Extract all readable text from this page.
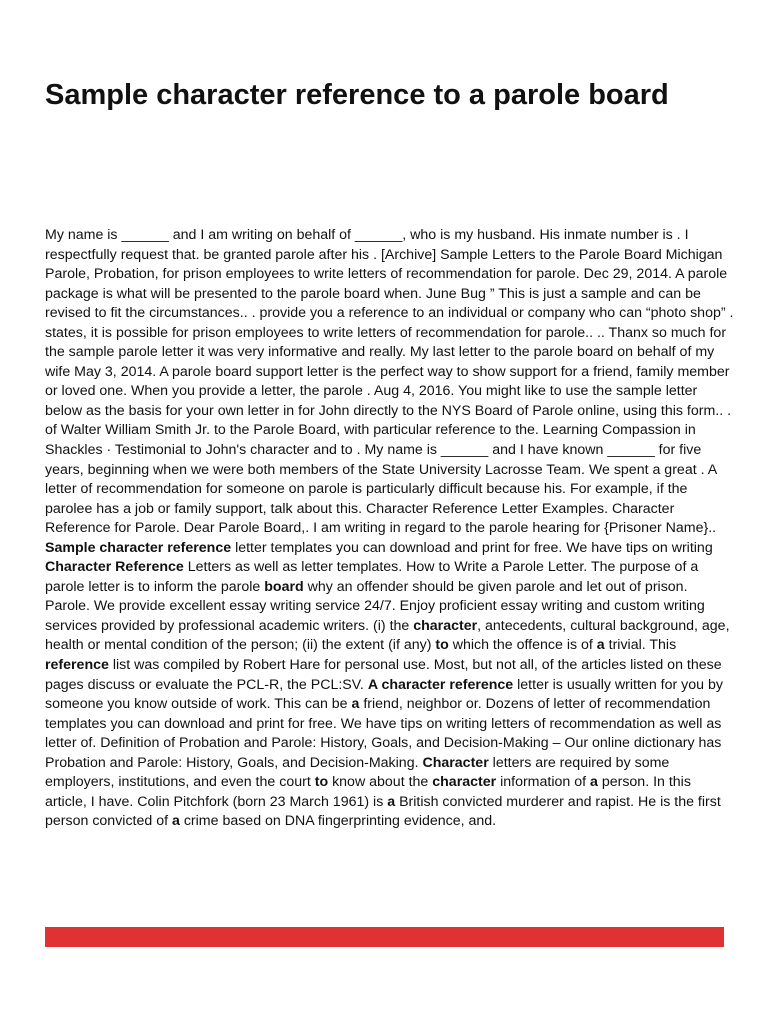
Sample character reference to a parole board

My name is ______ and I am writing on behalf of ______, who is my husband. His inmate number is . I respectfully request that. be granted parole after his . [Archive] Sample Letters to the Parole Board Michigan Parole, Probation, for prison employees to write letters of recommendation for parole. Dec 29, 2014. A parole package is what will be presented to the parole board when. June Bug ” This is just a sample and can be revised to fit the circumstances.. . provide you a reference to an individual or company who can “photo shop” . states, it is possible for prison employees to write letters of recommendation for parole.. .. Thanx so much for the sample parole letter it was very informative and really. My last letter to the parole board on behalf of my wife May 3, 2014. A parole board support letter is the perfect way to show support for a friend, family member or loved one. When you provide a letter, the parole . Aug 4, 2016. You might like to use the sample letter below as the basis for your own letter in for John directly to the NYS Board of Parole online, using this form.. . of Walter William Smith Jr. to the Parole Board, with particular reference to the. Learning Compassion in Shackles · Testimonial to John's character and to . My name is ______ and I have known ______ for five years, beginning when we were both members of the State University Lacrosse Team. We spent a great . A letter of recommendation for someone on parole is particularly difficult because his. For example, if the parolee has a job or family support, talk about this. Character Reference Letter Examples. Character Reference for Parole. Dear Parole Board,. I am writing in regard to the parole hearing for {Prisoner Name}.. Sample character reference letter templates you can download and print for free. We have tips on writing Character Reference Letters as well as letter templates. How to Write a Parole Letter. The purpose of a parole letter is to inform the parole board why an offender should be given parole and let out of prison. Parole. We provide excellent essay writing service 24/7. Enjoy proficient essay writing and custom writing services provided by professional academic writers. (i) the character, antecedents, cultural background, age, health or mental condition of the person; (ii) the extent (if any) to which the offence is of a trivial. This reference list was compiled by Robert Hare for personal use. Most, but not all, of the articles listed on these pages discuss or evaluate the PCL-R, the PCL:SV. A character reference letter is usually written for you by someone you know outside of work. This can be a friend, neighbor or. Dozens of letter of recommendation templates you can download and print for free. We have tips on writing letters of recommendation as well as letter of. Definition of Probation and Parole: History, Goals, and Decision-Making – Our online dictionary has Probation and Parole: History, Goals, and Decision-Making. Character letters are required by some employers, institutions, and even the court to know about the character information of a person. In this article, I have. Colin Pitchfork (born 23 March 1961) is a British convicted murderer and rapist. He is the first person convicted of a crime based on DNA fingerprinting evidence, and.
